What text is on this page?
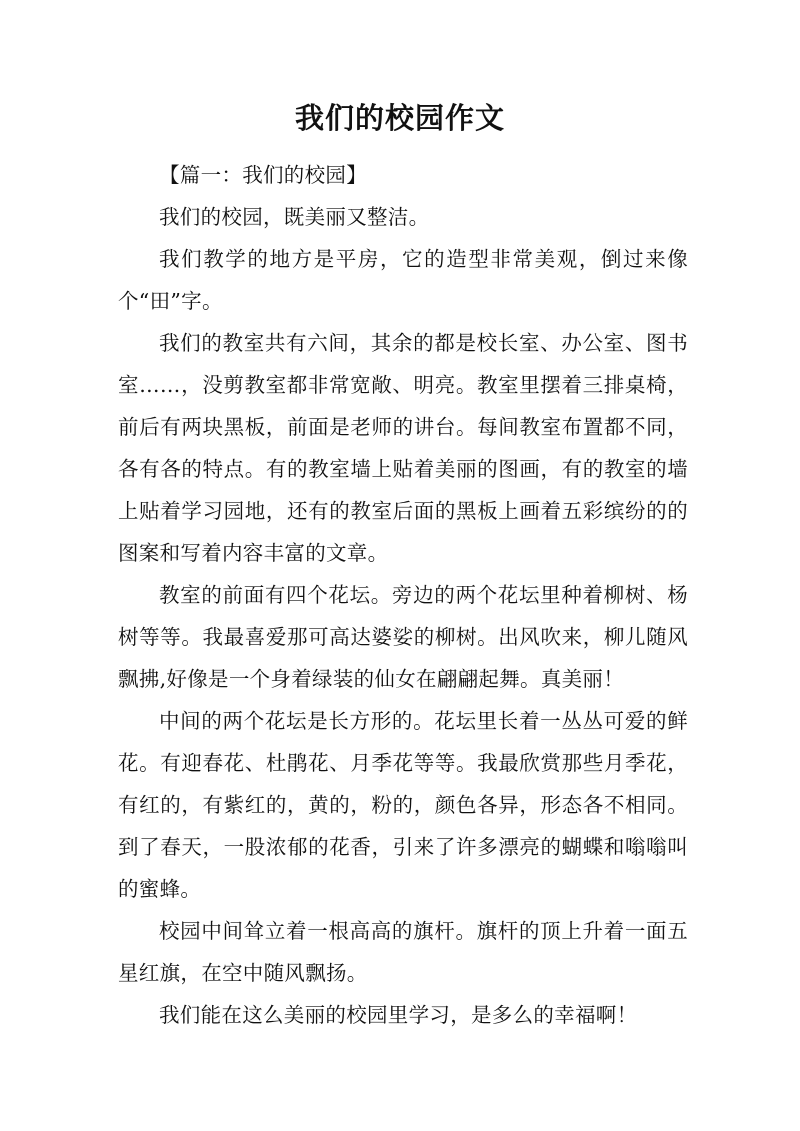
我们的校园作文

【篇一：我们的校园】

我们的校园，既美丽又整洁。

我们教学的地方是平房，它的造型非常美观，倒过来像个“田”字。

我们的教室共有六间，其余的都是校长室、办公室、图书室……，没剪教室都非常宽敞、明亮。教室里摆着三排桌椅，前后有两块黑板，前面是老师的讲台。每间教室布置都不同，各有各的特点。有的教室墙上贴着美丽的图画，有的教室的墙上贴着学习园地，还有的教室后面的黑板上画着五彩缤纷的的图案和写着内容丰富的文章。

教室的前面有四个花坛。旁边的两个花坛里种着柳树、杨树等等。我最喜爱那可高达婆娑的柳树。出风吹来，柳儿随风飘拂,好像是一个身着绿装的仙女在翩翩起舞。真美丽！

中间的两个花坛是长方形的。花坛里长着一丛丛可爱的鲜花。有迎春花、杜鹃花、月季花等等。我最欣赏那些月季花，有红的，有紫红的，黄的，粉的，颜色各异，形态各不相同。到了春天，一股浓郁的花香，引来了许多漂亮的蝴蝶和嗡嗡叫的蜜蜂。

校园中间耸立着一根高高的旗杆。旗杆的顶上升着一面五星红旗，在空中随风飘扬。

我们能在这么美丽的校园里学习，是多么的幸福啊！
